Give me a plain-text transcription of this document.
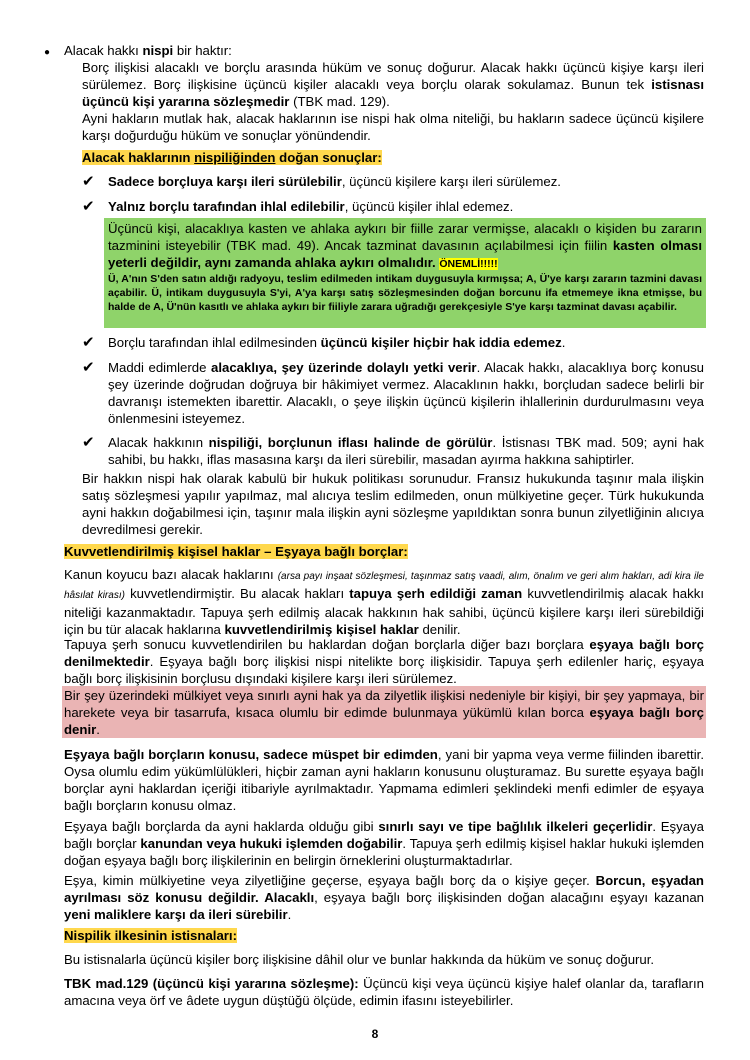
● Alacak hakkı nispi bir haktır:

Borç ilişkisi alacaklı ve borçlu arasında hüküm ve sonuç doğurur. Alacak hakkı üçüncü kişiye karşı ileri sürülemez. Borç ilişkisine üçüncü kişiler alacaklı veya borçlu olarak sokulamaz. Bunun tek istisnası üçüncü kişi yararına sözleşmedir (TBK mad. 129).

Ayni hakların mutlak hak, alacak haklarının ise nispi hak olma niteliği, bu hakların sadece üçüncü kişilere karşı doğurduğu hüküm ve sonuçlar yönündendir.

Alacak haklarının nispiliğinden doğan sonuçlar:

✔ Sadece borçluya karşı ileri sürülebilir, üçüncü kişilere karşı ileri sürülemez.

✔ Yalnız borçlu tarafından ihlal edilebilir, üçüncü kişiler ihlal edemez.

Üçüncü kişi, alacaklıya kasten ve ahlaka aykırı bir fiille zarar vermişse, alacaklı o kişiden bu zararın tazminini isteyebilir (TBK mad. 49). Ancak tazminat davasının açılabilmesi için fiilin kasten olması yeterli değildir, aynı zamanda ahlaka aykırı olmalıdır. ÖNEMLİ!!!!!

Ü, A'nın S'den satın aldığı radyoyu, teslim edilmeden intikam duygusuyla kırmışsa; A, Ü'ye karşı zararın tazmini davası açabilir. Ü, intikam duygusuyla S'yi, A'ya karşı satış sözleşmesinden doğan borcunu ifa etmemeye ikna etmişse, bu halde de A, Ü'nün kasıtlı ve ahlaka aykırı bir fiiliyle zarara uğradığı gerekçesiyle S'ye karşı tazminat davası açabilir.

✔ Borçlu tarafından ihlal edilmesinden üçüncü kişiler hiçbir hak iddia edemez.

✔ Maddi edimlerde alacaklıya, şey üzerinde dolaylı yetki verir. Alacak hakkı, alacaklıya borç konusu şey üzerinde doğrudan doğruya bir hâkimiyet vermez. Alacaklının hakkı, borçludan sadece belirli bir davranışı istemekten ibarettir. Alacaklı, o şeye ilişkin üçüncü kişilerin ihlallerinin durdurulmasını veya önlenmesini isteyemez.

✔ Alacak hakkının nispiliği, borçlunun iflası halinde de görülür. İstisnası TBK mad. 509; ayni hak sahibi, bu hakkı, iflas masasına karşı da ileri sürebilir, masadan ayırma hakkına sahiptirler.

Bir hakkın nispi hak olarak kabulü bir hukuk politikası sorunudur. Fransız hukukunda taşınır mala ilişkin satış sözleşmesi yapılır yapılmaz, mal alıcıya teslim edilmeden, onun mülkiyetine geçer. Türk hukukunda ayni hakkın doğabilmesi için, taşınır mala ilişkin ayni sözleşme yapıldıktan sonra bunun zilyetliğinin alıcıya devredilmesi gerekir.

Kuvvetlendirilmiş kişisel haklar – Eşyaya bağlı borçlar:

Kanun koyucu bazı alacak haklarını (arsa payı inşaat sözleşmesi, taşınmaz satış vaadi, alım, önalım ve geri alım hakları, adi kira ile hâsılat kirası) kuvvetlendirmiştir. Bu alacak hakları tapuya şerh edildiği zaman kuvvetlendirilmiş alacak hakkı niteliği kazanmaktadır. Tapuya şerh edilmiş alacak hakkının hak sahibi, üçüncü kişilere karşı ileri sürebildiği için bu tür alacak haklarına kuvvetlendirilmiş kişisel haklar denilir.

Tapuya şerh sonucu kuvvetlendirilen bu haklardan doğan borçlarla diğer bazı borçlara eşyaya bağlı borç denilmektedir. Eşyaya bağlı borç ilişkisi nispi nitelikte borç ilişkisidir. Tapuya şerh edilenler hariç, eşyaya bağlı borç ilişkisinin borçlusu dışındaki kişilere karşı ileri sürülemez.

Bir şey üzerindeki mülkiyet veya sınırlı ayni hak ya da zilyetlik ilişkisi nedeniyle bir kişiyi, bir şey yapmaya, bir harekete veya bir tasarrufa, kısaca olumlu bir edimde bulunmaya yükümlü kılan borca eşyaya bağlı borç denir.

Eşyaya bağlı borçların konusu, sadece müspet bir edimden, yani bir yapma veya verme fiilinden ibarettir. Oysa olumlu edim yükümlülükleri, hiçbir zaman ayni hakların konusunu oluşturamaz. Bu surette eşyaya bağlı borçlar ayni haklardan içeriği itibariyle ayrılmaktadır. Yapmama edimleri şeklindeki menfi edimler de eşyaya bağlı borçların konusu olmaz.

Eşyaya bağlı borçlarda da ayni haklarda olduğu gibi sınırlı sayı ve tipe bağlılık ilkeleri geçerlidir. Eşyaya bağlı borçlar kanundan veya hukuki işlemden doğabilir. Tapuya şerh edilmiş kişisel haklar hukuki işlemden doğan eşyaya bağlı borç ilişkilerinin en belirgin örneklerini oluşturmaktadırlar.

Eşya, kimin mülkiyetine veya zilyetliğine geçerse, eşyaya bağlı borç da o kişiye geçer. Borcun, eşyadan ayrılması söz konusu değildir. Alacaklı, eşyaya bağlı borç ilişkisinden doğan alacağını eşyayı kazanan yeni maliklere karşı da ileri sürebilir.

Nispilik ilkesinin istisnaları:

Bu istisnalarla üçüncü kişiler borç ilişkisine dâhil olur ve bunlar hakkında da hüküm ve sonuç doğurur.

TBK mad.129 (üçüncü kişi yararına sözleşme): Üçüncü kişi veya üçüncü kişiye halef olanlar da, tarafların amacına veya örf ve âdete uygun düştüğü ölçüde, edimin ifasını isteyebilirler.

8
